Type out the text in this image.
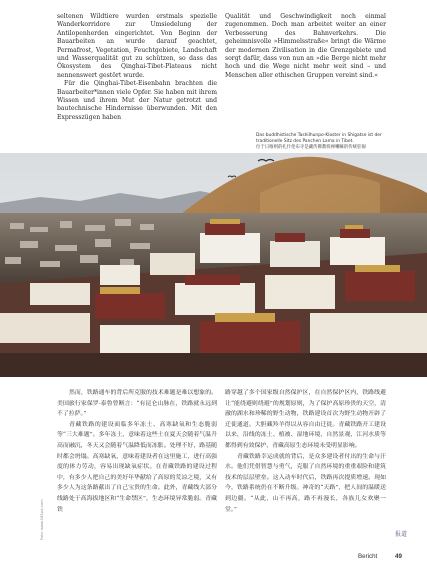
seltenen Wildtiere wurden erstmals spezielle Wanderkorridore zur Umsiedelung der Antilopenherden eingerichtet. Von Beginn der Bauarbeiten an wurde darauf geachtet, Permafrost, Vegetation, Feuchtgebiete, Landschaft und Wasserqualität gut zu schützen, so dass das Ökosystem des Qinghai-Tibet-Plateaus nicht nennenswert gestört wurde.

Für die Qinghai-Tibet-Eisenbahn brachten die Bauarbeiter*innen viele Opfer. Sie haben mit ihrem Wissen und ihrem Mut der Natur getrotzt und bautechnische Hindernisse überwunden. Mit den Expresszügen haben

Qualität und Geschwindigkeit noch einmal zugenommen. Doch man arbeitet weiter an einer Verbesserung des Bahnverkehrs. Die geheimnisvolle »Himmelsstraße« bringt die Wärme der modernen Zivilisation in die Grenzgebiete und sorgt dafür, dass von nun an »die Berge nicht mehr hoch und die Wege nicht mehr weit sind – und Menschen aller ethischen Gruppen vereint sind.«

Das buddhistische Tashilhunpo-Kloster in Shigatse ist der traditionelle Sitz des Panchen Lama in Tibet.
位于日喀则的扎什伦布寺是藏传佛教班禅喇嘛的传统驻锡

然而，铁路通车的背后所克服的技术难题是难以想象的。美国旅行家保罗·泰鲁曾断言：“有昆仑山脉在，铁路就永远到不了拉萨。”

青藏铁路的建设面临多年冻土、高寒缺氧和生态脆弱等“三大难题”。多年冻土，意味着这些土在夏天会随着气温升高而融沉，冬天又会随着气温降低而冻胀。处理不好，路基随时都会坍塌。高寒缺氧，意味着建设者在这里施工，进行高强度的体力劳动，容易出现缺氧症状。在青藏铁路的建设过程中，有多少人把自己的美好年华献给了高原的荒凉之境，又有多少人为这条路献出了自己宝贵的生命。此外，青藏线大部分线路处于高海拔地区和“生命禁区”，生态环境异常脆弱。青藏铁

路穿越了多个国家级自然保护区，在自然保护区内，铁路线避让“能绕避则绕避”的规划原则，为了保护高原珍贵的天空，清澈的湖水和珍稀的野生动物，铁路建设首次为野生动物开辟了迁徙通道。大胆藏羚羊得以从容自由迁徙。青藏铁路开工建设以来，沿线的冻土、植被、湿地环境、自然景观、江河水质等都得到有效保护，青藏高原生态环境未受明显影响。

青藏铁路幸运成就的背后，是众多建设者付出的生命与汗水。他们凭借智慧与勇气，克服了自然环境的重重艰险和建筑技术的层层壁垒。这入动车时代后，铁路再次提质增速。现如今，铁路系统仍在不断升级。神奇的“天路”，把人间的温暖送到边疆。“从此，山不再高，路不再漫长，各族儿女欢聚一堂。”

Foto: www.163pic.com	报道
Bericht	49
